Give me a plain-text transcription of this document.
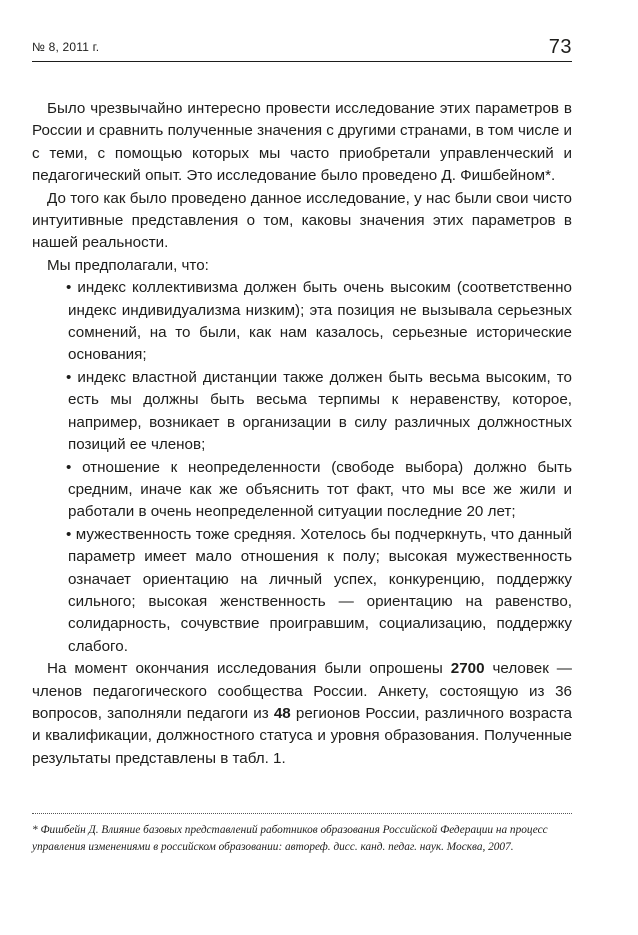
№ 8, 2011 г.	73

Было чрезвычайно интересно провести исследование этих параметров в России и сравнить полученные значения с другими странами, в том числе и с теми, с помощью которых мы часто приобретали управленческий и педагогический опыт. Это исследование было проведено Д. Фишбейном*.

До того как было проведено данное исследование, у нас были свои чисто интуитивные представления о том, каковы значения этих параметров в нашей реальности.

Мы предполагали, что:

• индекс коллективизма должен быть очень высоким (соответственно индекс индивидуализма низким); эта позиция не вызывала серьезных сомнений, на то были, как нам казалось, серьезные исторические основания;

• индекс властной дистанции также должен быть весьма высоким, то есть мы должны быть весьма терпимы к неравенству, которое, например, возникает в организации в силу различных должностных позиций ее членов;

• отношение к неопределенности (свободе выбора) должно быть средним, иначе как же объяснить тот факт, что мы все же жили и работали в очень неопределенной ситуации последние 20 лет;

• мужественность тоже средняя. Хотелось бы подчеркнуть, что данный параметр имеет мало отношения к полу; высокая мужественность означает ориентацию на личный успех, конкуренцию, поддержку сильного; высокая женственность — ориентацию на равенство, солидарность, сочувствие проигравшим, социализацию, поддержку слабого.

На момент окончания исследования были опрошены 2700 человек — членов педагогического сообщества России. Анкету, состоящую из 36 вопросов, заполняли педагоги из 48 регионов России, различного возраста и квалификации, должностного статуса и уровня образования. Полученные результаты представлены в табл. 1.

* Фишбейн Д. Влияние базовых представлений работников образования Российской Федерации на процесс управления изменениями в российском образовании: автореф. дисс. канд. педаг. наук. Москва, 2007.
